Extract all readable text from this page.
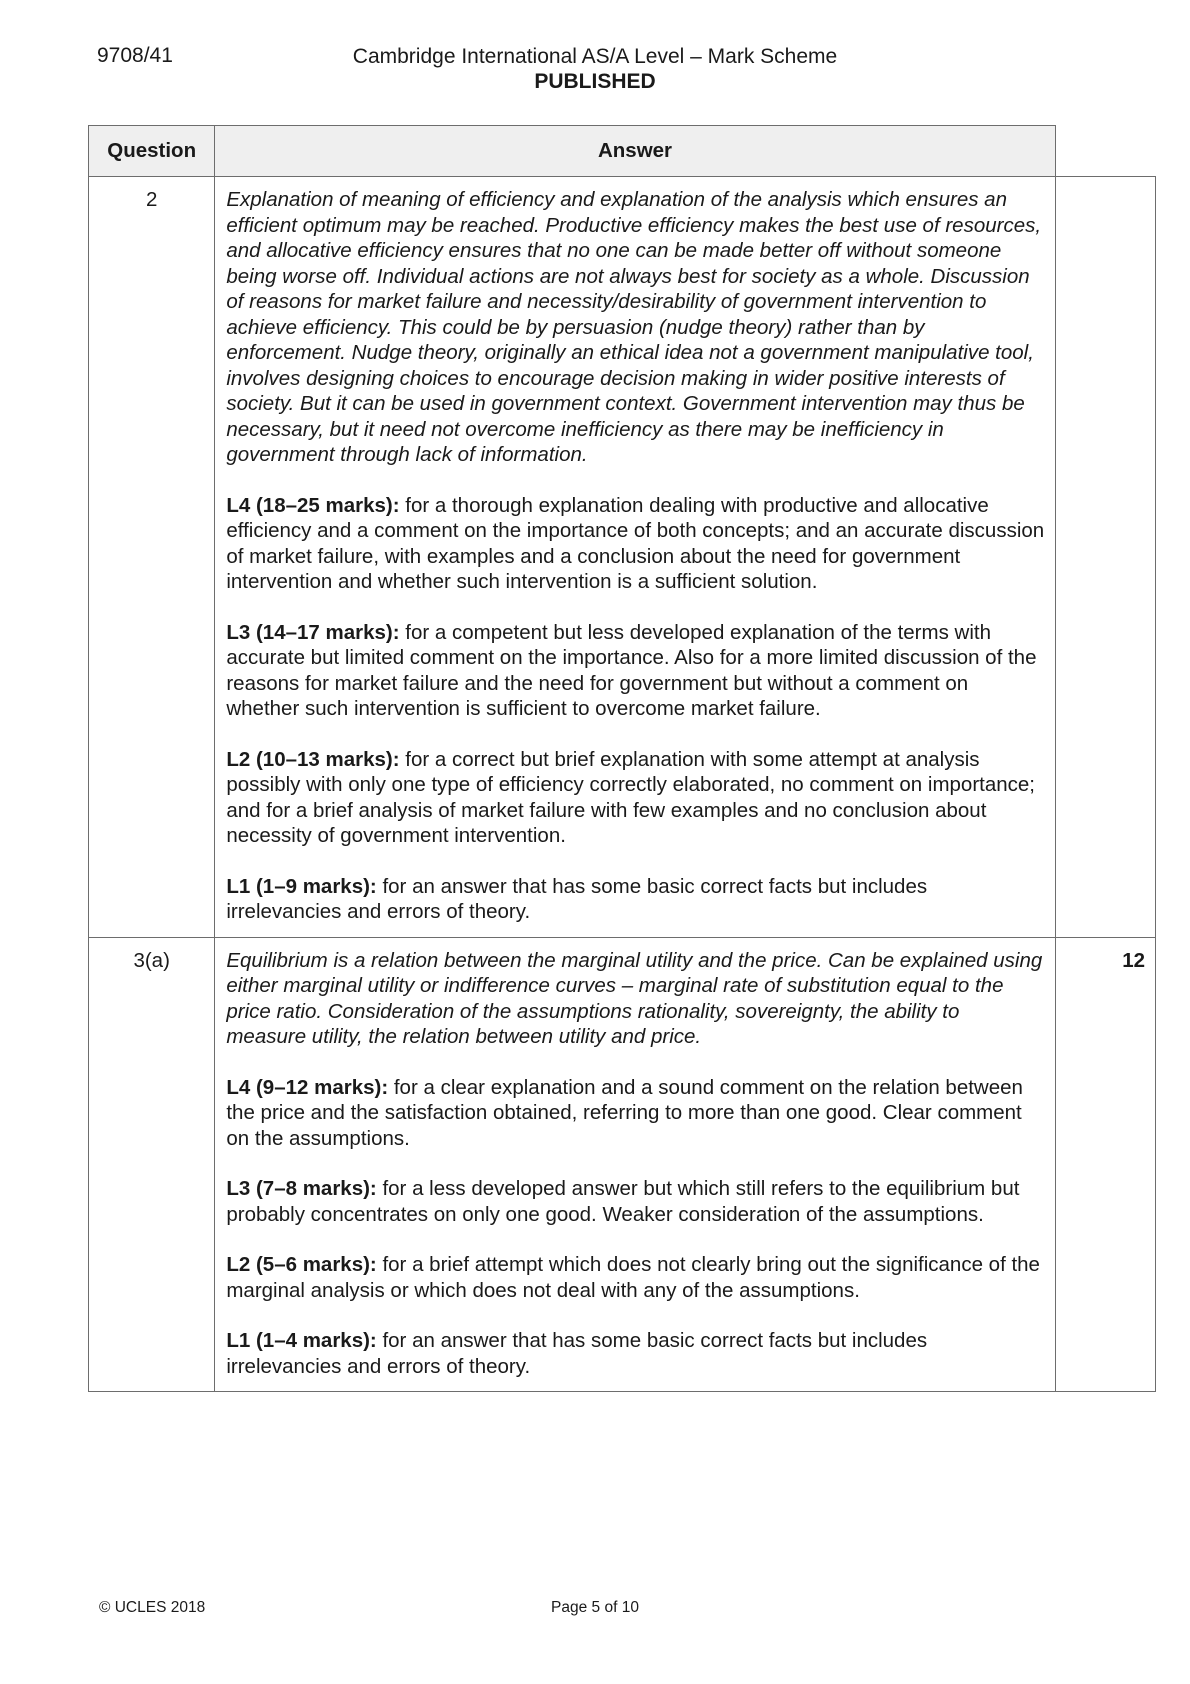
9708/41	Cambridge International AS/A Level – Mark Scheme
PUBLISHED
Question	Answer	
2	Explanation of meaning of efficiency and explanation of the analysis which ensures an efficient optimum may be reached. Productive efficiency makes the best use of resources, and allocative efficiency ensures that no one can be made better off without someone being worse off. Individual actions are not always best for society as a whole. Discussion of reasons for market failure and necessity/desirability of government intervention to achieve efficiency. This could be by persuasion (nudge theory) rather than by enforcement. Nudge theory, originally an ethical idea not a government manipulative tool, involves designing choices to encourage decision making in wider positive interests of society. But it can be used in government context. Government intervention may thus be necessary, but it need not overcome inefficiency as there may be inefficiency in government through lack of information.

L4 (18–25 marks): for a thorough explanation dealing with productive and allocative efficiency and a comment on the importance of both concepts; and an accurate discussion of market failure, with examples and a conclusion about the need for government intervention and whether such intervention is a sufficient solution.

L3 (14–17 marks): for a competent but less developed explanation of the terms with accurate but limited comment on the importance. Also for a more limited discussion of the reasons for market failure and the need for government but without a comment on whether such intervention is sufficient to overcome market failure.

L2 (10–13 marks): for a correct but brief explanation with some attempt at analysis possibly with only one type of efficiency correctly elaborated, no comment on importance; and for a brief analysis of market failure with few examples and no conclusion about necessity of government intervention.

L1 (1–9 marks): for an answer that has some basic correct facts but includes irrelevancies and errors of theory.	

3(a)	Equilibrium is a relation between the marginal utility and the price. Can be explained using either marginal utility or indifference curves – marginal rate of substitution equal to the price ratio. Consideration of the assumptions rationality, sovereignty, the ability to measure utility, the relation between utility and price.

L4 (9–12 marks): for a clear explanation and a sound comment on the relation between the price and the satisfaction obtained, referring to more than one good. Clear comment on the assumptions.

L3 (7–8 marks): for a less developed answer but which still refers to the equilibrium but probably concentrates on only one good. Weaker consideration of the assumptions.

L2 (5–6 marks): for a brief attempt which does not clearly bring out the significance of the marginal analysis or which does not deal with any of the assumptions.

L1 (1–4 marks): for an answer that has some basic correct facts but includes irrelevancies and errors of theory.	12
© UCLES 2018	Page 5 of 10
